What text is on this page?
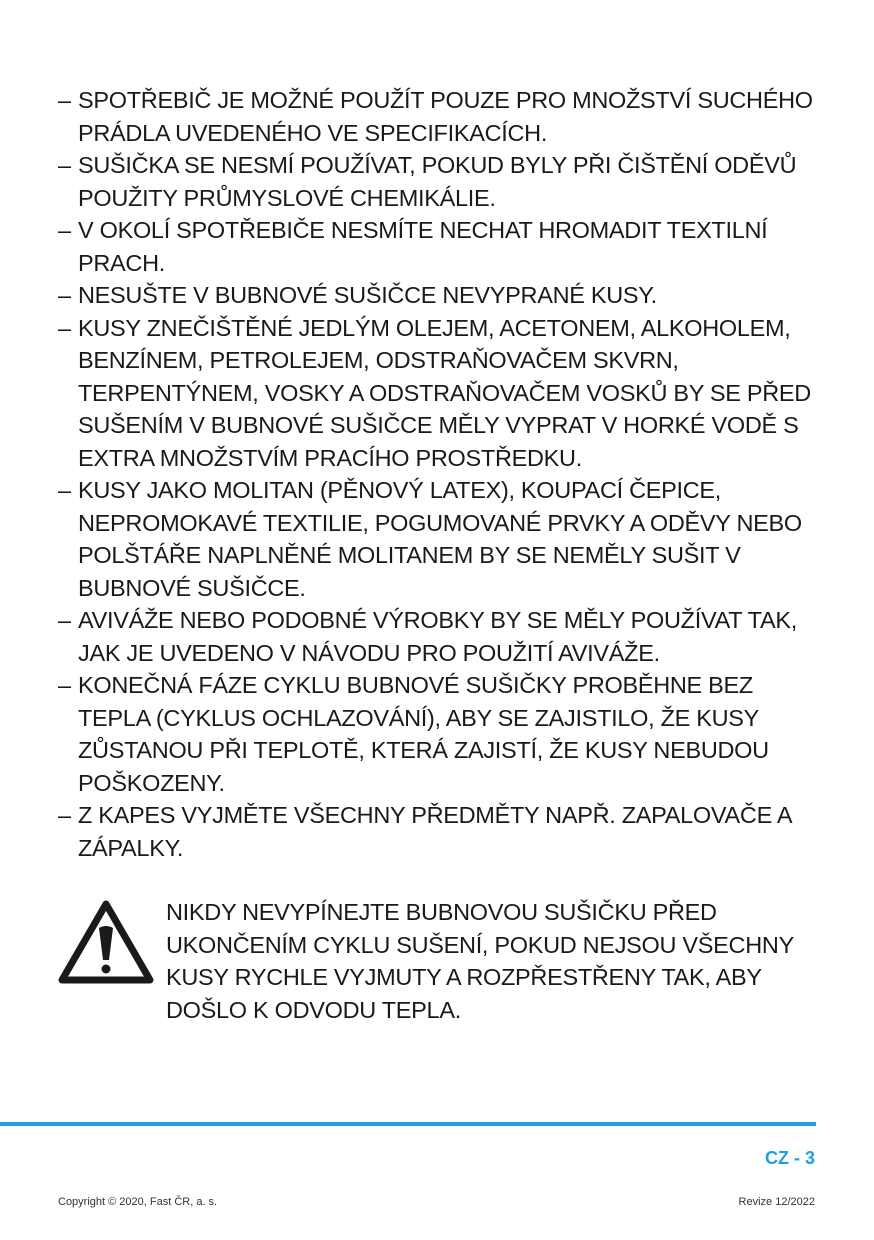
– SPOTŘEBIČ JE MOŽNÉ POUŽÍT POUZE PRO MNOŽSTVÍ SUCHÉHO PRÁDLA UVEDENÉHO VE SPECIFIKACÍCH.
– SUŠIČKA SE NESMÍ POUŽÍVAT, POKUD BYLY PŘI ČIŠTĚNÍ ODĚVŮ POUŽITY PRŮMYSLOVÉ CHEMIKÁLIE.
– V OKOLÍ SPOTŘEBIČE NESMÍTE NECHAT HROMADIT TEXTILNÍ PRACH.
– NESUŠTE V BUBNOVÉ SUŠIČCE NEVYPRANÉ KUSY.
– KUSY ZNEČIŠTĚNÉ JEDLÝM OLEJEM, ACETONEM, ALKOHOLEM, BENZÍNEM, PETROLEJEM, ODSTRAŇOVAČEM SKVRN, TERPENTÝNEM, VOSKY A ODSTRAŇOVAČEM VOSKŮ BY SE PŘED SUŠENÍM V BUBNOVÉ SUŠIČCE MĚLY VYPRAT V HORKÉ VODĚ S EXTRA MNOŽSTVÍM PRACÍHO PROSTŘEDKU.
– KUSY JAKO MOLITAN (PĚNOVÝ LATEX), KOUPACÍ ČEPICE, NEPROMOKAVÉ TEXTILIE, POGUMOVANÉ PRVKY A ODĚVY NEBO POLŠTÁŘE NAPLNĚNÉ MOLITANEM BY SE NEMĚLY SUŠIT V BUBNOVÉ SUŠIČCE.
– AVIVÁŽE NEBO PODOBNÉ VÝROBKY BY SE MĚLY POUŽÍVAT TAK, JAK JE UVEDENO V NÁVODU PRO POUŽITÍ AVIVÁŽE.
– KONEČNÁ FÁZE CYKLU BUBNOVÉ SUŠIČKY PROBĚHNE BEZ TEPLA (CYKLUS OCHLAZOVÁNÍ), ABY SE ZAJISTILO, ŽE KUSY ZŮSTANOU PŘI TEPLOTĚ, KTERÁ ZAJISTÍ, ŽE KUSY NEBUDOU POŠKOZENY.
– Z KAPES VYJMĚTE VŠECHNY PŘEDMĚTY NAPŘ. ZAPALOVAČE A ZÁPALKY.
NIKDY NEVYPÍNEJTE BUBNOVOU SUŠIČKU PŘED UKONČENÍM CYKLU SUŠENÍ, POKUD NEJSOU VŠECHNY KUSY RYCHLE VYJMUTY A ROZPŘESTŘENY TAK, ABY DOŠLO K ODVODU TEPLA.
CZ - 3
Copyright © 2020, Fast ČR, a. s.	Revize 12/2022
